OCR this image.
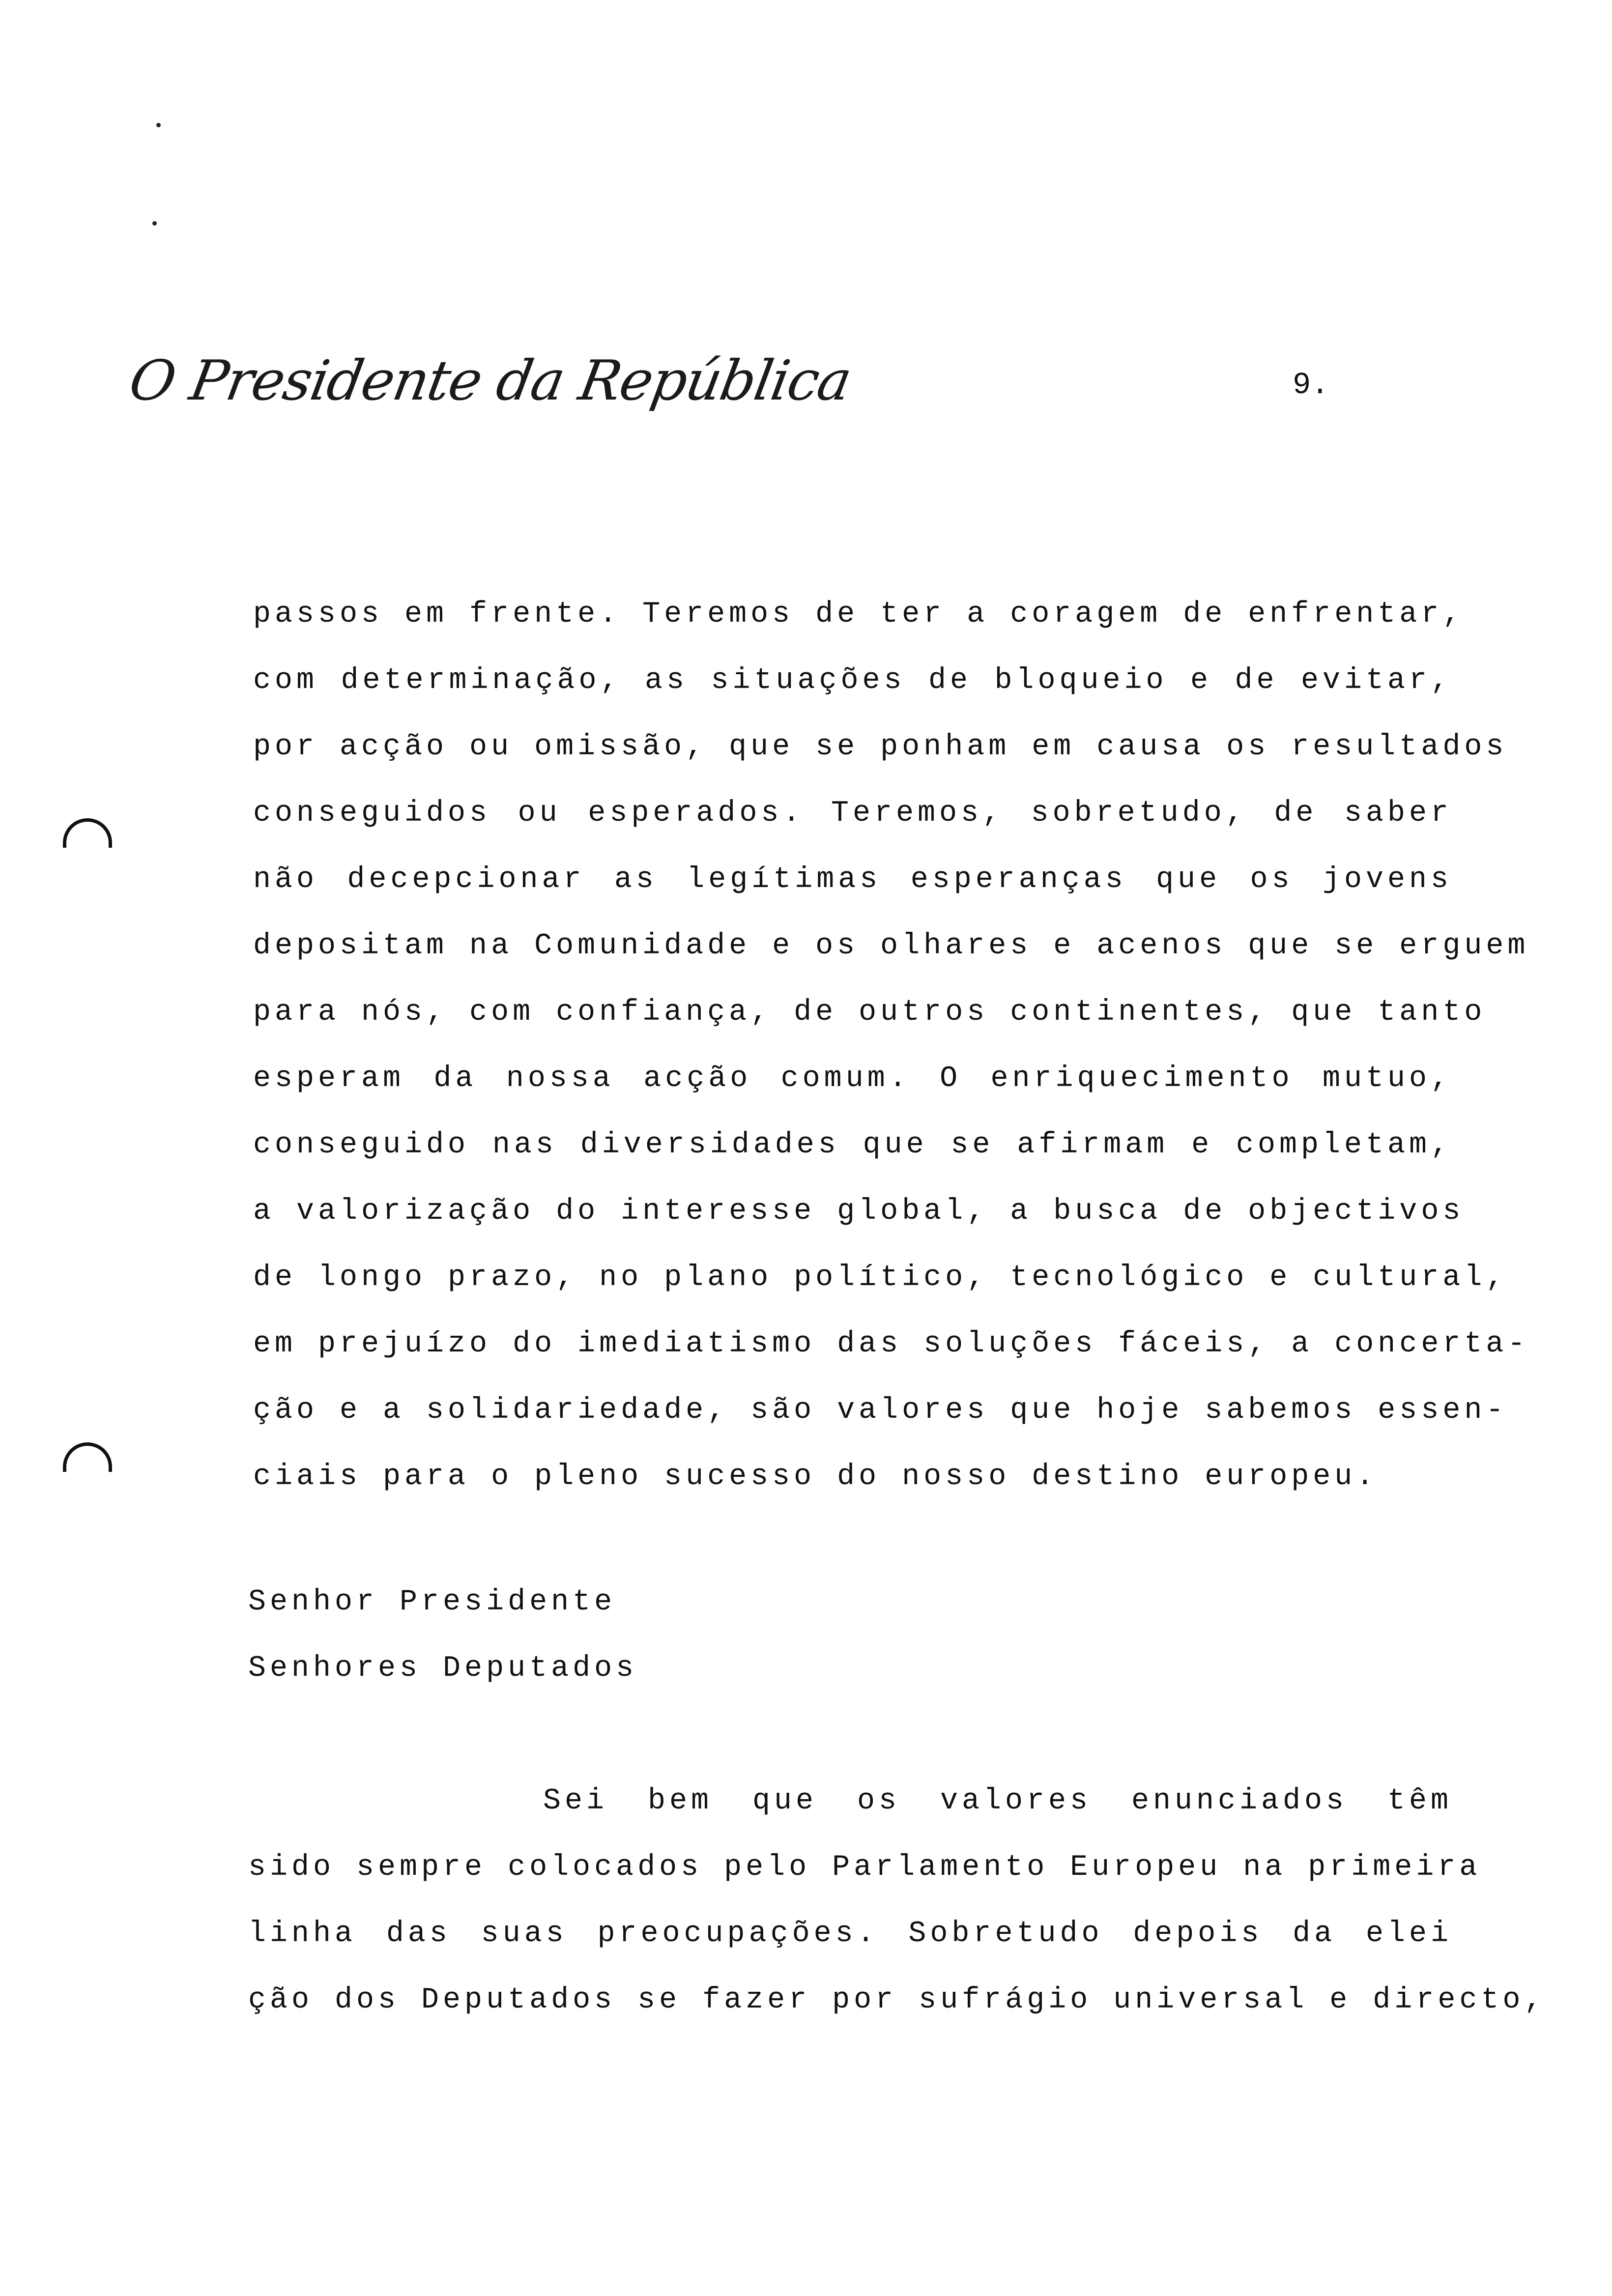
O Presidente da República	9.
passos em frente. Teremos de ter a coragem de enfrentar,
com determinação, as situações de bloqueio e de evitar,
por acção ou omissão, que se ponham em causa os resultados
conseguidos ou esperados. Teremos, sobretudo, de saber
não decepcionar as legítimas esperanças que os jovens
depositam na Comunidade e os olhares e acenos que se erguem
para nós, com confiança, de outros continentes, que tanto
esperam da nossa acção comum. O enriquecimento mutuo,
conseguido nas diversidades que se afirmam e completam,
a valorização do interesse global, a busca de objectivos
de longo prazo, no plano político, tecnológico e cultural,
em prejuízo do imediatismo das soluções fáceis, a concerta-
ção e a solidariedade, são valores que hoje sabemos essen-
ciais para o pleno sucesso do nosso destino europeu.
Senhor Presidente
Senhores Deputados
Sei bem que os valores enunciados têm
sido sempre colocados pelo Parlamento Europeu na primeira
linha das suas preocupações. Sobretudo depois da elei
ção dos Deputados se fazer por sufrágio universal e directo,
